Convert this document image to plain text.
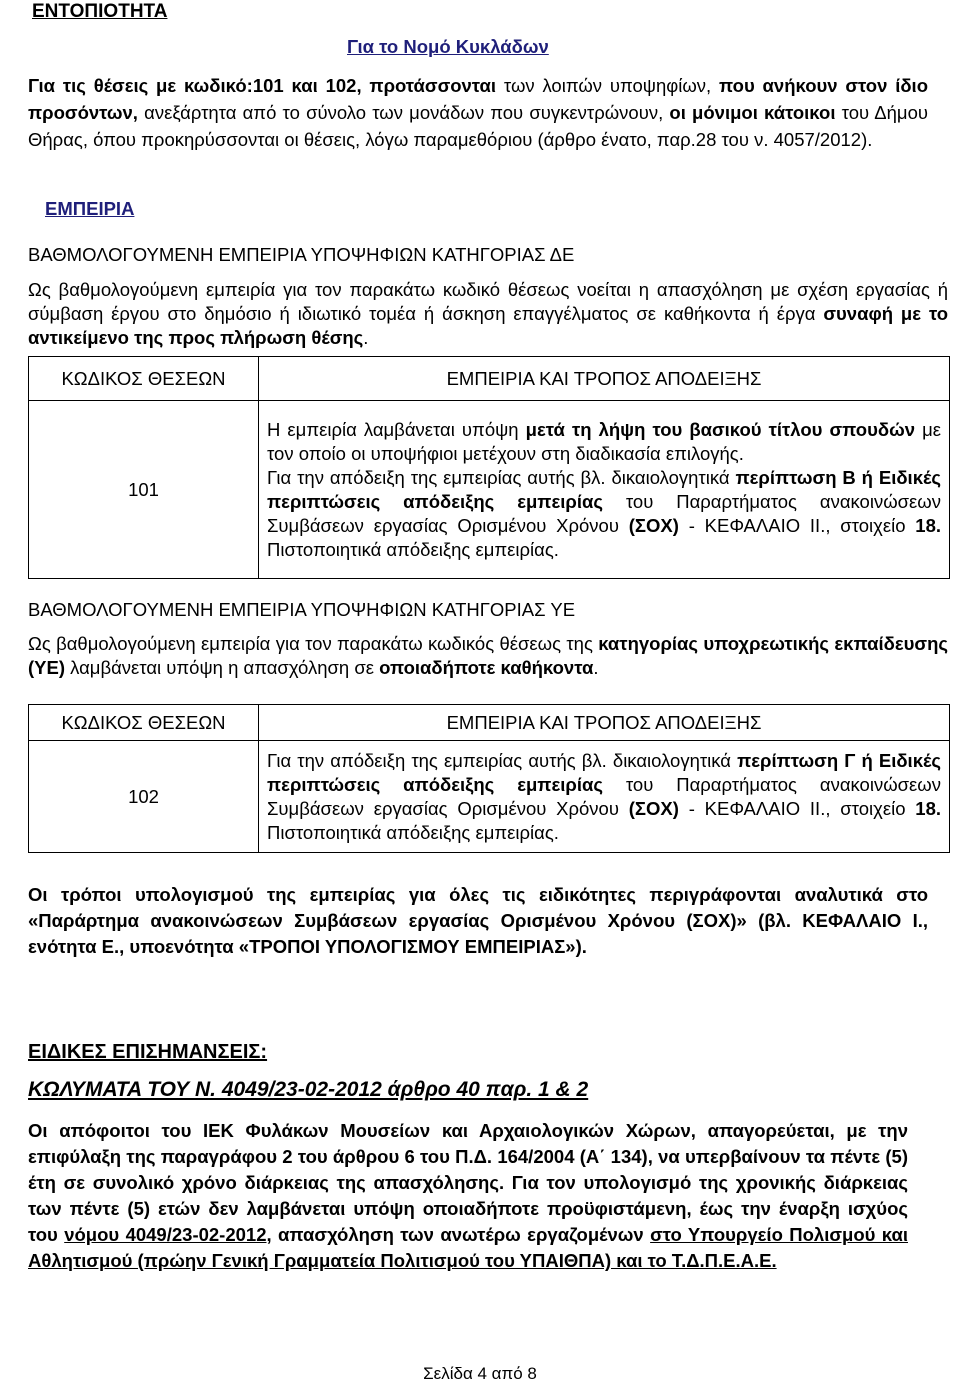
ΕΝΤΟΠΙΟΤΗΤΑ
Για το Νομό Κυκλάδων
Για τις θέσεις με κωδικό:101 και 102, προτάσσονται των λοιπών υποψηφίων, που ανήκουν στον ίδιο προσόντων, ανεξάρτητα από το σύνολο των μονάδων που συγκεντρώνουν, οι μόνιμοι κάτοικοι του Δήμου Θήρας, όπου προκηρύσσονται οι θέσεις, λόγω παραμεθόριου (άρθρο ένατο, παρ.28 του ν. 4057/2012).
ΕΜΠΕΙΡΙΑ
ΒΑΘΜΟΛΟΓΟΥΜΕΝΗ ΕΜΠΕΙΡΙΑ ΥΠΟΨΗΦΙΩΝ ΚΑΤΗΓΟΡΙΑΣ ΔΕ
Ως βαθμολογούμενη εμπειρία για τον παρακάτω κωδικό θέσεως νοείται η απασχόληση με σχέση εργασίας ή σύμβαση έργου στο δημόσιο ή ιδιωτικό τομέα ή άσκηση επαγγέλματος σε καθήκοντα ή έργα συναφή με το αντικείμενο της προς πλήρωση θέσης.
ΚΩΔΙΚΟΣ ΘΕΣΕΩΝ	ΕΜΠΕΙΡΙΑ ΚΑΙ ΤΡΟΠΟΣ ΑΠΟΔΕΙΞΗΣ
101	Η εμπειρία λαμβάνεται υπόψη μετά τη λήψη του βασικού τίτλου σπουδών με τον οποίο οι υποψήφιοι μετέχουν στη διαδικασία επιλογής.
Για την απόδειξη της εμπειρίας αυτής βλ. δικαιολογητικά περίπτωση Β ή Ειδικές περιπτώσεις απόδειξης εμπειρίας του Παραρτήματος ανακοινώσεων Συμβάσεων εργασίας Ορισμένου Χρόνου (ΣΟΧ) - ΚΕΦΑΛΑΙΟ ΙΙ., στοιχείο 18. Πιστοποιητικά απόδειξης εμπειρίας.
ΒΑΘΜΟΛΟΓΟΥΜΕΝΗ ΕΜΠΕΙΡΙΑ ΥΠΟΨΗΦΙΩΝ ΚΑΤΗΓΟΡΙΑΣ ΥΕ
Ως βαθμολογούμενη εμπειρία για τον παρακάτω κωδικός θέσεως της κατηγορίας υποχρεωτικής εκπαίδευσης (ΥΕ) λαμβάνεται υπόψη η απασχόληση σε οποιαδήποτε καθήκοντα.
ΚΩΔΙΚΟΣ ΘΕΣΕΩΝ	ΕΜΠΕΙΡΙΑ ΚΑΙ ΤΡΟΠΟΣ ΑΠΟΔΕΙΞΗΣ
102	Για την απόδειξη της εμπειρίας αυτής βλ. δικαιολογητικά περίπτωση Γ ή Ειδικές περιπτώσεις απόδειξης εμπειρίας του Παραρτήματος ανακοινώσεων Συμβάσεων εργασίας Ορισμένου Χρόνου (ΣΟΧ) - ΚΕΦΑΛΑΙΟ ΙΙ., στοιχείο 18. Πιστοποιητικά απόδειξης εμπειρίας.
Οι τρόποι υπολογισμού της εμπειρίας για όλες τις ειδικότητες περιγράφονται αναλυτικά στο «Παράρτημα ανακοινώσεων Συμβάσεων εργασίας Ορισμένου Χρόνου (ΣΟΧ)» (βλ. ΚΕΦΑΛΑΙΟ Ι., ενότητα Ε., υποενότητα «ΤΡΟΠΟΙ ΥΠΟΛΟΓΙΣΜΟΥ ΕΜΠΕΙΡΙΑΣ»).
ΕΙΔΙΚΕΣ ΕΠΙΣΗΜΑΝΣΕΙΣ:
ΚΩΛΥΜΑΤΑ ΤΟΥ Ν. 4049/23-02-2012 άρθρο 40 παρ. 1 & 2
Οι απόφοιτοι του ΙΕΚ Φυλάκων Μουσείων και Αρχαιολογικών Χώρων, απαγορεύεται, με την επιφύλαξη της παραγράφου 2 του άρθρου 6 του Π.Δ. 164/2004 (Α΄ 134), να υπερβαίνουν τα πέντε (5) έτη σε συνολικό χρόνο διάρκειας της απασχόλησης. Για τον υπολογισμό της χρονικής διάρκειας των πέντε (5) ετών δεν λαμβάνεται υπόψη οποιαδήποτε προϋφιστάμενη, έως την έναρξη ισχύος του νόμου 4049/23-02-2012, απασχόληση των ανωτέρω εργαζομένων στο Υπουργείο Πολισμού και Αθλητισμού (πρώην Γενική Γραμματεία Πολιτισμού του ΥΠΑΙΘΠΑ) και το Τ.Δ.Π.Ε.Α.Ε.
Σελίδα 4 από 8
